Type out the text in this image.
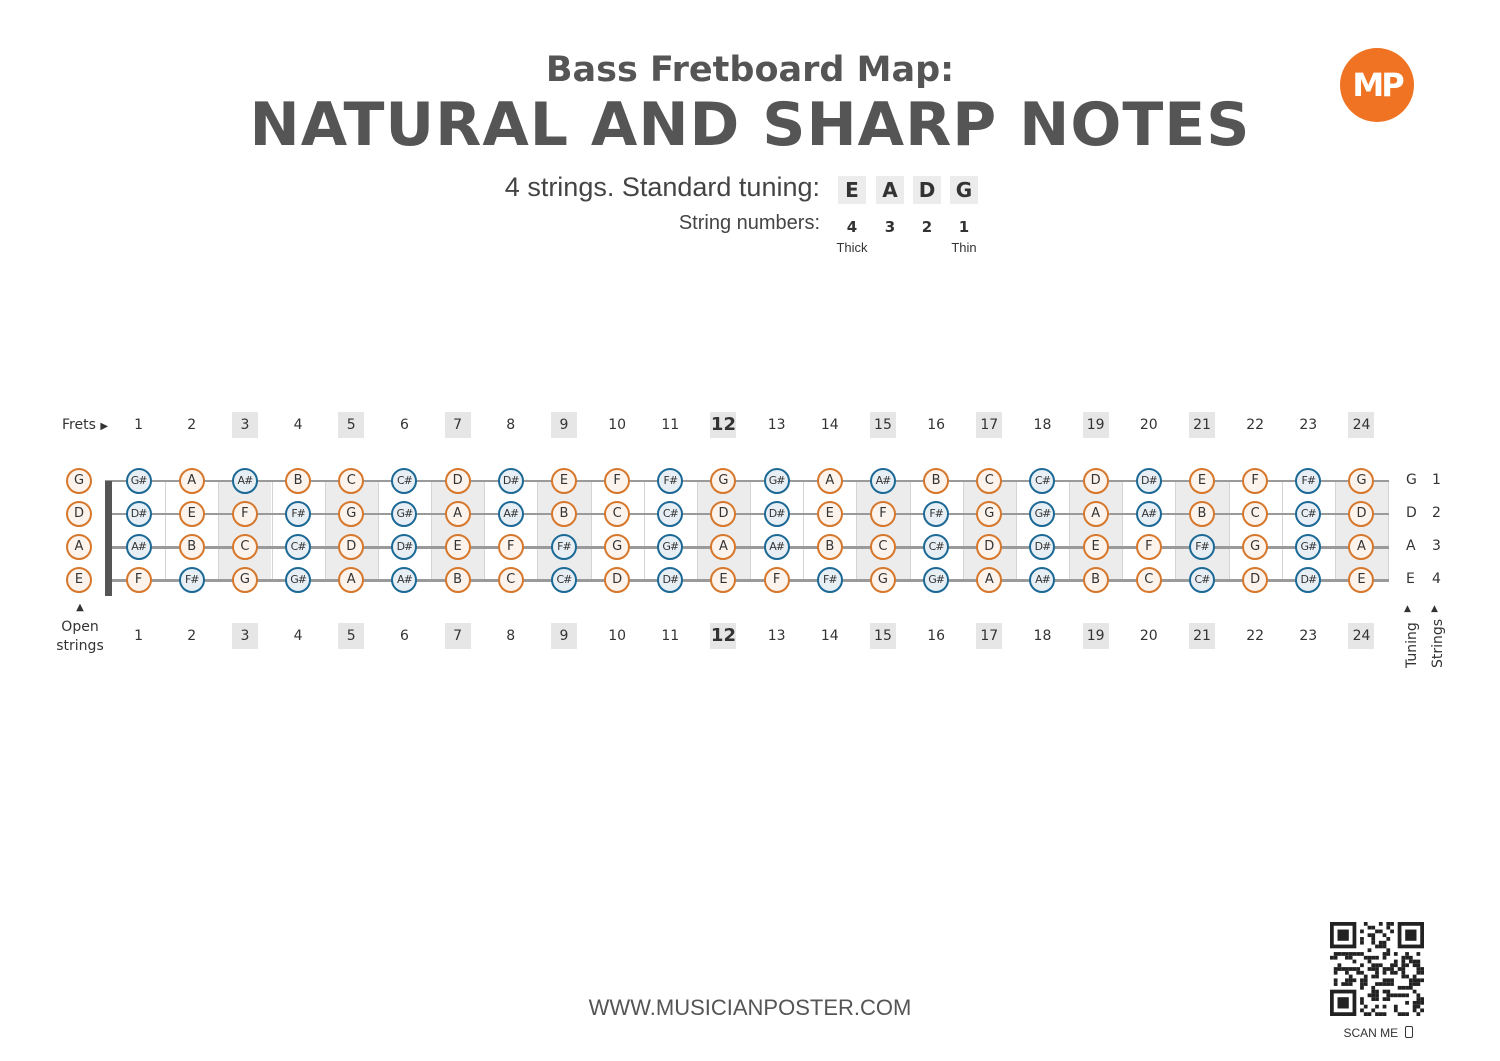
Bass Fretboard Map:
NATURAL AND SHARP NOTES
MP
4 strings. Standard tuning:
String numbers:
Thick	Thin
Frets ▶
▲
Open strings
▲ ▲
Tuning Strings
WWW.MUSICIANPOSTER.COM
SCAN ME
E
4
A
3
D
2
G
1
1
1
2
2
3
3
4
4
5
5
6
6
7
7
8
8
9
9
10
10
11
11
12
12
13
13
14
14
15
15
16
16
17
17
18
18
19
19
20
20
21
21
22
22
23
23
24
24
G	G#	A	A#	B	C	C#	D	D#	E	F	F#	G	G#	A	A#	B	C	C#	D	D#	E	F	F#	G	G 1
D	D#	E	F	F#	G	G#	A	A#	B	C	C#	D	D#	E	F	F#	G	G#	A	A#	B	C	C#	D	D 2
A	A#	B	C	C#	D	D#	E	F	F#	G	G#	A	A#	B	C	C#	D	D#	E	F	F#	G	G#	A	A 3
E	F	F#	G	G#	A	A#	B	C	C#	D	D#	E	F	F#	G	G#	A	A#	B	C	C#	D	D#	E	E 4
